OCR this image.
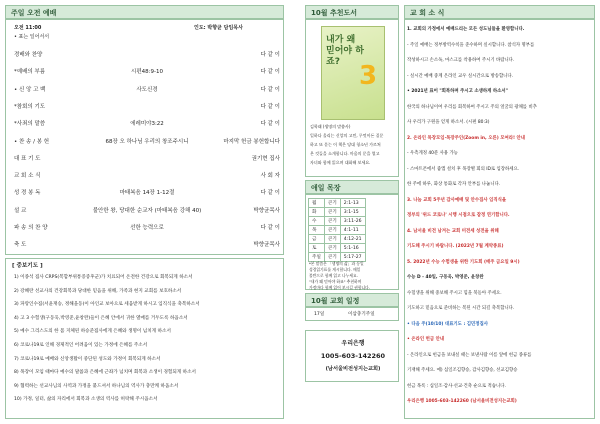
주일 오전 예배
오전 11:00	인도: 박향균 담임목사
• 표는 일어서서
경배와 찬양	다 같 이
*예배의 부름	시편48:9-10	다 같 이
• 신 앙 고 백	사도신경	다 같 이
*참회의 기도	다 같 이
*사죄의 말씀	에레미야3:22	다 같 이
• 찬 송 / 봉 헌	68장 오 하나님 우리의 창조주시니	마지막 헌금 봉헌합니다
대 표 기 도	권기현 집사
교 회 소 식	사 회 자
성 경 봉 독	마태복음 14장 1-12절	다 같 이
설 교	불안한 왕, 당대한 순교자 (마태복음 강해 40)	박향균목사
파 송 의 찬 양	선한 능력으로	다 같 이
축 도	박향균목사
[ 중보기도 ]
1) 이종석 집사 CRPS(복합부위통증증후군)가 치료되어 온전한 건강으로 회복되게 하소서
2) 강혜란 선교사의 건강회복과 당대한 믿음을 위해, 가족과 현지 교회를 보호하소서
3) 파랑인수집(서윤재승, 정해을동)이 아인교 보아으로 세움받게 하시고 입직식을 축복하소서
4) 고 3 수험생(구동욱,박영준,윤창완)들이 은혜 안에서 귀한 열매를 거두도록 하옵소서
5) 예수 그리스도의 한 몸 지체된 하승준집사에게 은혜와 생명이 넘치게 하소서
6) 코로나19로 인해 경제적인 어려움이 있는 가정에 은혜를 주소서
7) 코로나19로 예배와 신앙생활이 중단된 성도와 가정이 회복되게 하소서
8) 목장이 모임 때마다 예수의 말씀과 은혜에 근좌가 넘치며 회복과 소생이 경험되게 하소서
9) 협력하는 선교사님의 사역과 가정을 붙드셔서 하나님의 역사가 충만케 하옵소서
10) 가정, 일터, 삶의 자리에서 회복과 소생의 역사를 허락해 주시옵소서
10월 추천도서
내가 왜 믿어야 하죠? 3
김학래 (생명의 말씀사)
일하다 올리는 신앙의 고민, 무엇이든 질문
하고 또 묻는 이 책은 당대 청소년 가르쳐
온 것들을 소개합니다. 마음의 문을 열고
자녀와 함께 읽으며 대화해 보세요.
애일 목장
월	큰기	2:1-13
화	큰기	3:1-15
수	큰기	3:11-26
목	큰기	4:1-11
금	큰기	4:12-21
토	큰기	5:1-16
주일	큰기	5:17-27
*본 말씀은 「생명의 삶」과 동일
성경읽기표를 게시합니다. 매일
볼반으로 함께 읽고 나누세요.
"내가 왜 믿어야 하죠" 추천하며
가정마다 함께 읽어 보시길 권합니다.
10월 교회 일정
17일	이삼충기주일
우리은행
1005-603-142260
(남서울비전성지는교회)
교 회 소 식
1. 교회의 가정에서 예배드리는 모든 성도님들을 환영합니다.
- 주일 예배는 정부방역수칙을 준수하며 실시합니다. 참석자 명부를
작성하시고 손소독, 마스크를 착용하여 주시기 바랍니다.
- 실시간 예배 중계 온라인 교우 실시간으로 방송합니다.
• 2021년 표어 "회복하며 주시고 소생하게 하소서"
한국의 하나님이여 우리를 회복하여 주시고 주의 얼굴의 광채를 비추
사 우리가 구원을 얻게 하소서. (시편 80:3)
2. 온라인 목장모임·목장주인(Zoom in, 오른) 모여라! 안내
- 우측게정 40분 사용 가능
- 스마트폰에서 줌앱 설치 후 목장별 회의 ID로 입장하세요.
한 주에 하루, 화상 통화로 각자 안부를 나눕니다.
3. 나눔 교회 5주년 감사예배 및 안수집사 임직식을
정부의 '위드 코로나' 시행 시점으로 잠정 연기합니다.
4. 남서울 비전 남겨는 교회 미전세 성전을 위해
기도해 주시기 바랍니다. (2022년 7월 계약종료)
5. 2022년 수능 수험생을 위한 기도회 (매주 금요일 9시)
수능 D - 40일, 구동욱, 박영준, 윤창완
수험생을 위해 중보해 주시고 힘을 북돋아 주세요.
기도하고 믿음으로 준비하는 복된 시간 되길 축복합니다.
• 다음 주(10/10) 대표기도 : 김민정집사
• 온라인 헌금 안내
- 온라인으로 헌금을 보내실 때는 보낸사람 이름 앞에 헌금 종류를
기재해 주세요. 예) 십일조김향승, 감사김향승, 선교김향승
헌금 목록 : 십일조·감사·선교·건축 순으로 적습니다.
우리은행 1005-603-142260 (남서울비전성지는교회)
